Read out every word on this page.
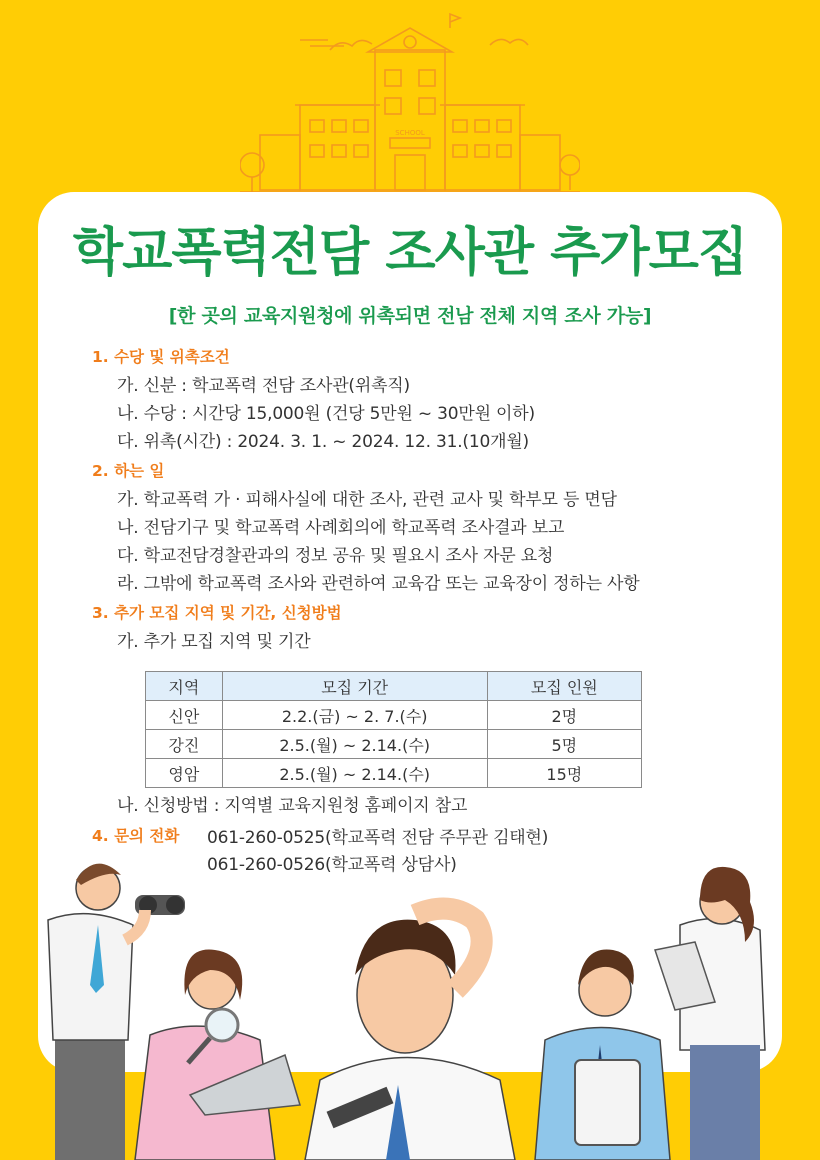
SCHOOL
학교폭력전담 조사관 추가모집
[한 곳의 교육지원청에 위촉되면 전남 전체 지역 조사 가능]
1. 수당 및 위촉조건
가. 신분 : 학교폭력 전담 조사관(위촉직)
나. 수당 : 시간당 15,000원 (건당 5만원 ~ 30만원 이하)
다. 위촉(시간) : 2024. 3. 1. ~ 2024. 12. 31.(10개월)
2. 하는 일
가. 학교폭력 가 · 피해사실에 대한 조사, 관련 교사 및 학부모 등 면담
나. 전담기구 및 학교폭력 사례회의에 학교폭력 조사결과 보고
다. 학교전담경찰관과의 정보 공유 및 필요시 조사 자문 요청
라. 그밖에 학교폭력 조사와 관련하여 교육감 또는 교육장이 정하는 사항
3. 추가 모집 지역 및 기간, 신청방법
가. 추가 모집 지역 및 기간
지역	모집 기간	모집 인원
신안	2.2.(금) ~ 2. 7.(수)	2명
강진	2.5.(월) ~ 2.14.(수)	5명
영암	2.5.(월) ~ 2.14.(수)	15명
나. 신청방법 : 지역별 교육지원청 홈페이지 참고
4. 문의 전화	061-260-0525(학교폭력 전담 주무관 김태현)
061-260-0526(학교폭력 상담사)
